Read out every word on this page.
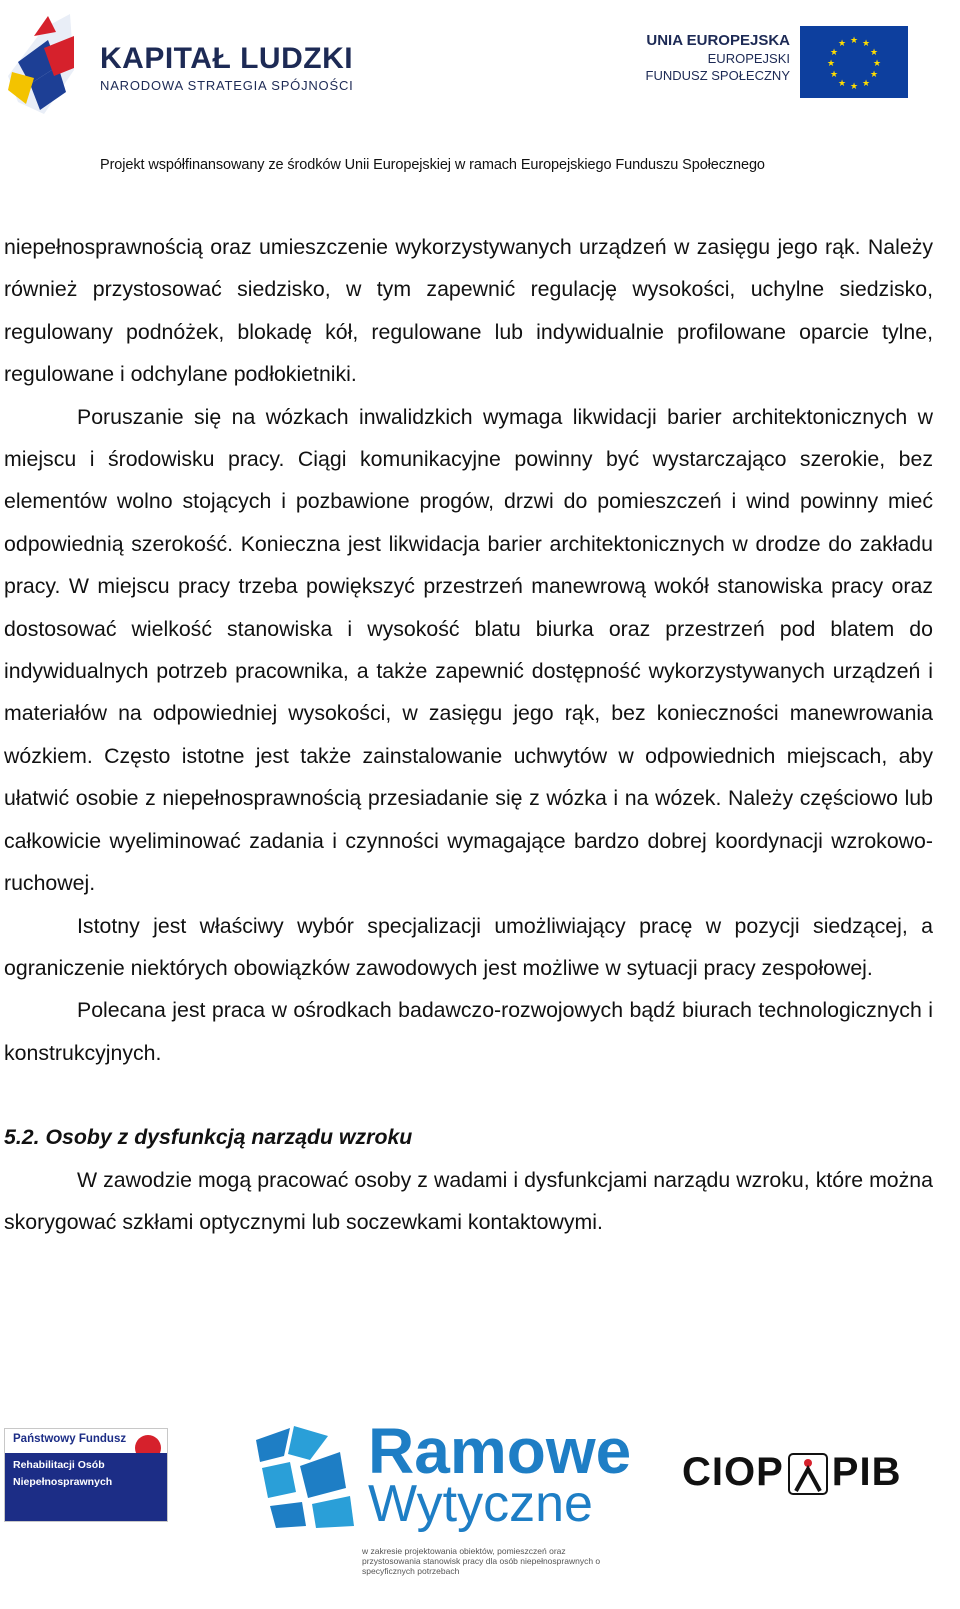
KAPITAŁ LUDZKI
NARODOWA STRATEGIA SPÓJNOŚCI
UNIA EUROPEJSKA
EUROPEJSKI
FUNDUSZ SPOŁECZNY
★ ★
★
★
★
★
★
★
★
★
★
★
Projekt współfinansowany ze środków Unii Europejskiej w ramach Europejskiego Funduszu Społecznego

niepełnosprawnością oraz umieszczenie wykorzystywanych urządzeń w zasięgu jego rąk. Należy również przystosować siedzisko, w tym zapewnić regulację wysokości, uchylne siedzisko, regulowany podnóżek, blokadę kół, regulowane lub indywidualnie profilowane oparcie tylne, regulowane i odchylane podłokietniki.

Poruszanie się na wózkach inwalidzkich wymaga likwidacji barier architektonicznych w miejscu i środowisku pracy. Ciągi komunikacyjne powinny być wystarczająco szerokie, bez elementów wolno stojących i pozbawione progów, drzwi do pomieszczeń i wind powinny mieć odpowiednią szerokość. Konieczna jest likwidacja barier architektonicznych w drodze do zakładu pracy. W miejscu pracy trzeba powiększyć przestrzeń manewrową wokół stanowiska pracy oraz dostosować wielkość stanowiska i wysokość blatu biurka oraz przestrzeń pod blatem do indywidualnych potrzeb pracownika, a także zapewnić dostępność wykorzystywanych urządzeń i materiałów na odpowiedniej wysokości, w zasięgu jego rąk, bez konieczności manewrowania wózkiem. Często istotne jest także zainstalowanie uchwytów w odpowiednich miejscach, aby ułatwić osobie z niepełnosprawnością przesiadanie się z wózka i na wózek. Należy częściowo lub całkowicie wyeliminować zadania i czynności wymagające bardzo dobrej koordynacji wzrokowo-ruchowej.

Istotny jest właściwy wybór specjalizacji umożliwiający pracę w pozycji siedzącej, a ograniczenie niektórych obowiązków zawodowych jest możliwe w sytuacji pracy zespołowej.

Polecana jest praca w ośrodkach badawczo-rozwojowych bądź biurach technologicznych i konstrukcyjnych.

5.2. Osoby z dysfunkcją narządu wzroku

W zawodzie mogą pracować osoby z wadami i dysfunkcjami narządu wzroku, które można skorygować szkłami optycznymi lub soczewkami kontaktowymi.

Państwowy Fundusz
Rehabilitacji Osób
Niepełnosprawnych	Ramowe
Wytyczne
w zakresie projektowania obiektów, pomieszczeń oraz przystosowania stanowisk pracy dla osób niepełnosprawnych o specyficznych potrzebach
CIOP PIB
